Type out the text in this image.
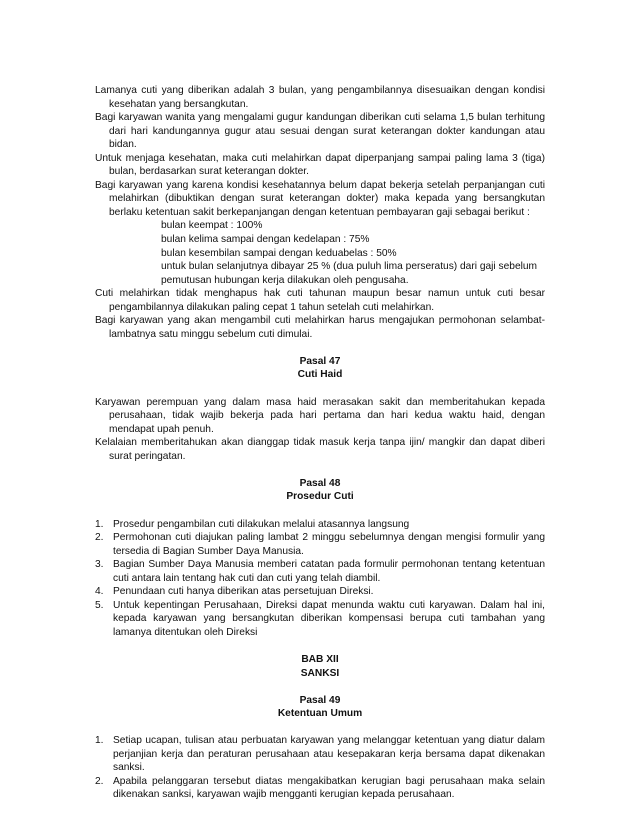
Lamanya cuti yang diberikan adalah 3 bulan, yang pengambilannya disesuaikan dengan kondisi kesehatan yang bersangkutan.

Bagi karyawan wanita yang mengalami gugur kandungan diberikan cuti selama 1,5 bulan terhitung dari hari kandungannya gugur atau sesuai dengan surat keterangan dokter kandungan atau bidan.

Untuk menjaga kesehatan, maka cuti melahirkan dapat diperpanjang sampai paling lama 3 (tiga) bulan, berdasarkan surat keterangan dokter.

Bagi karyawan yang karena kondisi kesehatannya belum dapat bekerja setelah perpanjangan cuti melahirkan (dibuktikan dengan surat keterangan dokter) maka kepada yang bersangkutan berlaku ketentuan sakit berkepanjangan dengan ketentuan pembayaran gaji sebagai berikut :

bulan keempat : 100%

bulan kelima sampai dengan kedelapan : 75%

bulan kesembilan sampai dengan keduabelas : 50%

untuk bulan selanjutnya dibayar 25 % (dua puluh lima perseratus) dari gaji sebelum

pemutusan hubungan kerja dilakukan oleh pengusaha.

Cuti melahirkan tidak menghapus hak cuti tahunan maupun besar namun untuk cuti besar pengambilannya dilakukan paling cepat 1 tahun setelah cuti melahirkan.

Bagi karyawan yang akan mengambil cuti melahirkan harus mengajukan permohonan selambat-lambatnya satu minggu sebelum cuti dimulai.

Pasal 47

Cuti Haid

Karyawan perempuan yang dalam masa haid merasakan sakit dan memberitahukan kepada perusahaan, tidak wajib bekerja pada hari pertama dan hari kedua waktu haid, dengan mendapat upah penuh.

Kelalaian memberitahukan akan dianggap tidak masuk kerja tanpa ijin/ mangkir dan dapat diberi surat peringatan.

Pasal 48

Prosedur Cuti

1. Prosedur pengambilan cuti dilakukan melalui atasannya langsung
2. Permohonan cuti diajukan paling lambat 2 minggu sebelumnya dengan mengisi formulir yang tersedia di Bagian Sumber Daya Manusia.
3. Bagian Sumber Daya Manusia memberi catatan pada formulir permohonan tentang ketentuan cuti antara lain tentang hak cuti dan cuti yang telah diambil.
4. Penundaan cuti hanya diberikan atas persetujuan Direksi.
5. Untuk kepentingan Perusahaan, Direksi dapat menunda waktu cuti karyawan. Dalam hal ini, kepada karyawan yang bersangkutan diberikan kompensasi berupa cuti tambahan yang lamanya ditentukan oleh Direksi

BAB XII

SANKSI

Pasal 49

Ketentuan Umum

1. Setiap ucapan, tulisan atau perbuatan karyawan yang melanggar ketentuan yang diatur dalam perjanjian kerja dan peraturan perusahaan atau kesepakaran kerja bersama dapat dikenakan sanksi.
2. Apabila pelanggaran tersebut diatas mengakibatkan kerugian bagi perusahaan maka selain dikenakan sanksi, karyawan wajib mengganti kerugian kepada perusahaan.
